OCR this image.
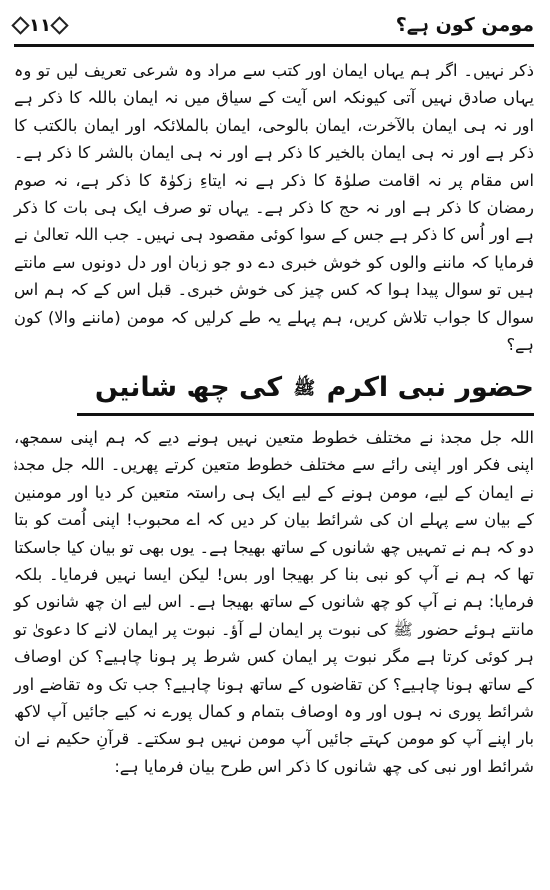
مومن کون ہے؟
۱۱

ذکر نہیں۔ اگر ہم یہاں ایمان اور کتب سے مراد وہ شرعی تعریف لیں تو وہ یہاں صادق نہیں آتی کیونکہ اس آیت کے سیاق میں نہ ایمان باللہ کا ذکر ہے اور نہ ہی ایمان بالآخرت، ایمان بالوحی، ایمان بالملائکہ اور ایمان بالکتب کا ذکر ہے اور نہ ہی ایمان بالخیر کا ذکر ہے اور نہ ہی ایمان بالشر کا ذکر ہے۔ اس مقام پر نہ اقامت صلوٰۃ کا ذکر ہے نہ ایتاءِ زکوٰۃ کا ذکر ہے، نہ صوم رمضان کا ذکر ہے اور نہ حج کا ذکر ہے۔ یہاں تو صرف ایک ہی بات کا ذکر ہے اور اُس کا ذکر ہے جس کے سوا کوئی مقصود ہی نہیں۔ جب اللہ تعالیٰ نے فرمایا کہ ماننے والوں کو خوش خبری دے دو جو زبان اور دل دونوں سے مانتے ہیں تو سوال پیدا ہوا کہ کس چیز کی خوش خبری۔ قبل اس کے کہ ہم اس سوال کا جواب تلاش کریں، ہم پہلے یہ طے کرلیں کہ مومن (ماننے والا) کون ہے؟

حضور نبی اکرم ﷺ کی چھ شانیں

اللہ جل مجدہٗ نے مختلف خطوط متعین نہیں ہونے دیے کہ ہم اپنی سمجھ، اپنی فکر اور اپنی رائے سے مختلف خطوط متعین کرتے پھریں۔ اللہ جل مجدہٗ نے ایمان کے لیے، مومن ہونے کے لیے ایک ہی راستہ متعین کر دیا اور مومنین کے بیان سے پہلے ان کی شرائط بیان کر دیں کہ اے محبوب! اپنی اُمت کو بتا دو کہ ہم نے تمہیں چھ شانوں کے ساتھ بھیجا ہے۔ یوں بھی تو بیان کیا جاسکتا تھا کہ ہم نے آپ کو نبی بنا کر بھیجا اور بس! لیکن ایسا نہیں فرمایا۔ بلکہ فرمایا: ہم نے آپ کو چھ شانوں کے ساتھ بھیجا ہے۔ اس لیے ان چھ شانوں کو مانتے ہوئے حضور ﷺ کی نبوت پر ایمان لے آؤ۔ نبوت پر ایمان لانے کا دعویٰ تو ہر کوئی کرتا ہے مگر نبوت پر ایمان کس شرط پر ہونا چاہیے؟ کن اوصاف کے ساتھ ہونا چاہیے؟ کن تقاضوں کے ساتھ ہونا چاہیے؟ جب تک وہ تقاضے اور شرائط پوری نہ ہوں اور وہ اوصاف بتمام و کمال پورے نہ کیے جائیں آپ لاکھ بار اپنے آپ کو مومن کہتے جائیں آپ مومن نہیں ہو سکتے۔ قرآنِ حکیم نے ان شرائط اور نبی کی چھ شانوں کا ذکر اس طرح بیان فرمایا ہے:
